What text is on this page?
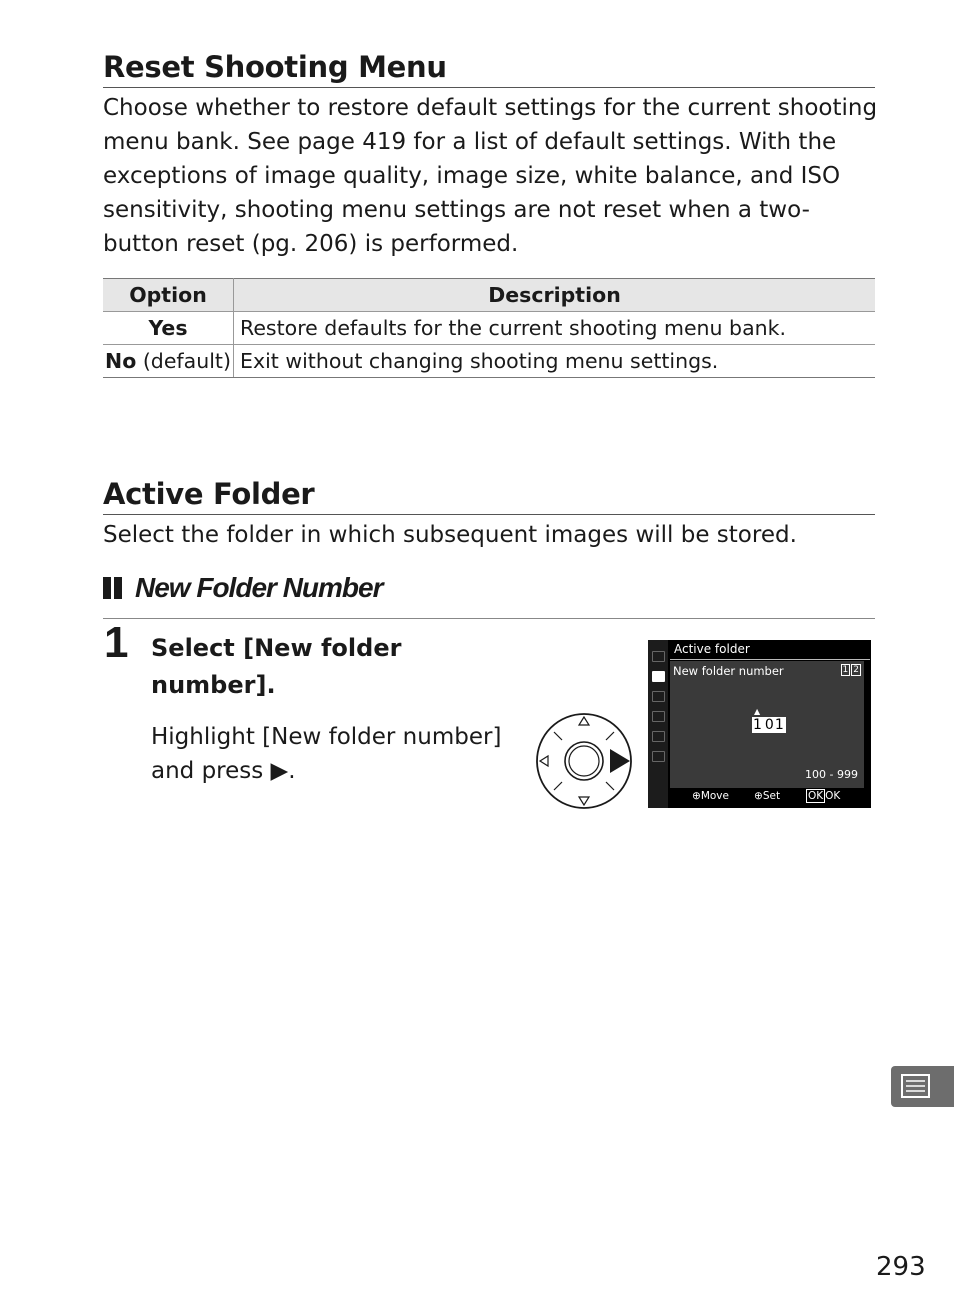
Reset Shooting Menu

Choose whether to restore default settings for the current shooting menu bank. See page 419 for a list of default settings. With the exceptions of image quality, image size, white balance, and ISO sensitivity, shooting menu settings are not reset when a two-button reset (pg. 206) is performed.

Option	Description
Yes	Restore defaults for the current shooting menu bank.
No (default)	Exit without changing shooting menu settings.
Active Folder

Select the folder in which subsequent images will be stored.

New Folder Number
1 Select [New folder number].

Highlight [New folder number] and press ▶.

Active folder
New folder number	1 2
▲
1 01
100 - 999
⊕Move ⊕Set	OK OK
293
